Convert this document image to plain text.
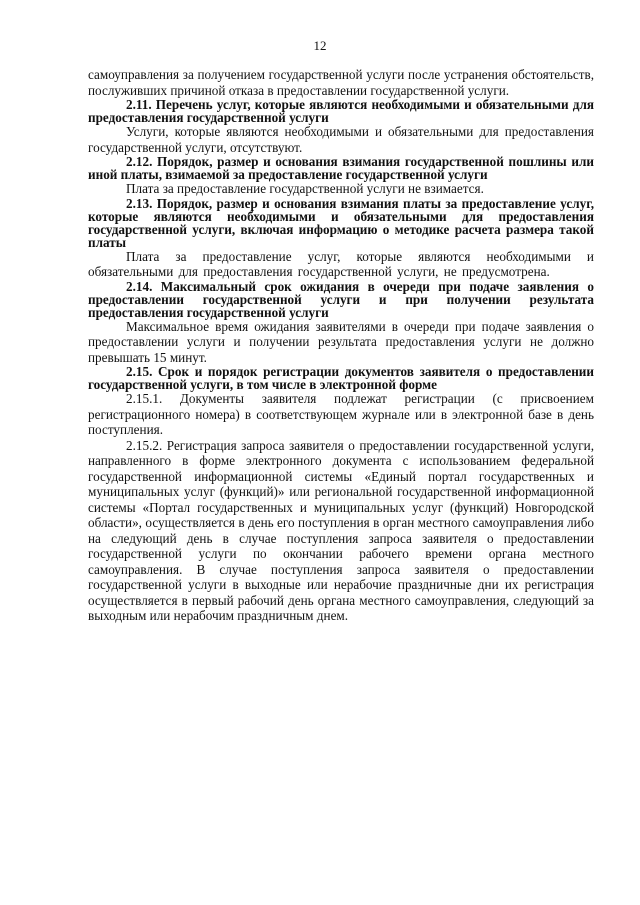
12

самоуправления за получением государственной услуги после устранения обстоятельств, послуживших причиной отказа в предоставлении государственной услуги.

2.11. Перечень услуг, которые являются необходимыми и обязательными для предоставления государственной услуги

Услуги, которые являются необходимыми и обязательными для предоставления государственной услуги, отсутствуют.

2.12. Порядок, размер и основания взимания государственной пошлины или иной платы, взимаемой за предоставление государственной услуги

Плата за предоставление государственной услуги не взимается.

2.13. Порядок, размер и основания взимания платы за предоставление услуг, которые являются необходимыми и обязательными для предоставления государственной услуги, включая информацию о методике расчета размера такой платы

Плата за предоставление услуг, которые являются необходимыми и обязательными для предоставления государственной услуги, не предусмотрена.

2.14. Максимальный срок ожидания в очереди при подаче заявления о предоставлении государственной услуги и при получении результата предоставления государственной услуги

Максимальное время ожидания заявителями в очереди при подаче заявления о предоставлении услуги и получении результата предоставления услуги не должно превышать 15 минут.

2.15. Срок и порядок регистрации документов заявителя о предоставлении государственной услуги, в том числе в электронной форме

2.15.1. Документы заявителя подлежат регистрации (с присвоением регистрационного номера) в соответствующем журнале или в электронной базе в день поступления.

2.15.2. Регистрация запроса заявителя о предоставлении государственной услуги, направленного в форме электронного документа с использованием федеральной государственной информационной системы «Единый портал государственных и муниципальных услуг (функций)» или региональной государственной информационной системы «Портал государственных и муниципальных услуг (функций) Новгородской области», осуществляется в день его поступления в орган местного самоуправления либо на следующий день в случае поступления запроса заявителя о предоставлении государственной услуги по окончании рабочего времени органа местного самоуправления. В случае поступления запроса заявителя о предоставлении государственной услуги в выходные или нерабочие праздничные дни их регистрация осуществляется в первый рабочий день органа местного самоуправления, следующий за выходным или нерабочим праздничным днем.
